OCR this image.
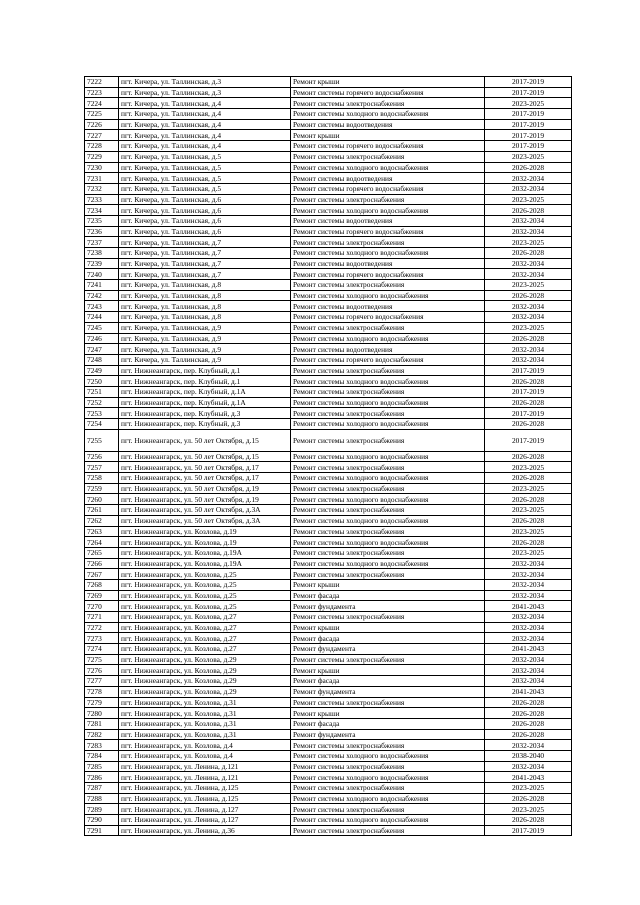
7222	пгт. Кичера, ул. Таллинская, д.3	Ремонт крыши	2017-2019
7223	пгт. Кичера, ул. Таллинская, д.3	Ремонт системы горячего водоснабжения	2017-2019
7224	пгт. Кичера, ул. Таллинская, д.4	Ремонт системы электроснабжения	2023-2025
7225	пгт. Кичера, ул. Таллинская, д.4	Ремонт системы холодного водоснабжения	2017-2019
7226	пгт. Кичера, ул. Таллинская, д.4	Ремонт системы водоотведения	2017-2019
7227	пгт. Кичера, ул. Таллинская, д.4	Ремонт крыши	2017-2019
7228	пгт. Кичера, ул. Таллинская, д.4	Ремонт системы горячего водоснабжения	2017-2019
7229	пгт. Кичера, ул. Таллинская, д.5	Ремонт системы электроснабжения	2023-2025
7230	пгт. Кичера, ул. Таллинская, д.5	Ремонт системы холодного водоснабжения	2026-2028
7231	пгт. Кичера, ул. Таллинская, д.5	Ремонт системы водоотведения	2032-2034
7232	пгт. Кичера, ул. Таллинская, д.5	Ремонт системы горячего водоснабжения	2032-2034
7233	пгт. Кичера, ул. Таллинская, д.6	Ремонт системы электроснабжения	2023-2025
7234	пгт. Кичера, ул. Таллинская, д.6	Ремонт системы холодного водоснабжения	2026-2028
7235	пгт. Кичера, ул. Таллинская, д.6	Ремонт системы водоотведения	2032-2034
7236	пгт. Кичера, ул. Таллинская, д.6	Ремонт системы горячего водоснабжения	2032-2034
7237	пгт. Кичера, ул. Таллинская, д.7	Ремонт системы электроснабжения	2023-2025
7238	пгт. Кичера, ул. Таллинская, д.7	Ремонт системы холодного водоснабжения	2026-2028
7239	пгт. Кичера, ул. Таллинская, д.7	Ремонт системы водоотведения	2032-2034
7240	пгт. Кичера, ул. Таллинская, д.7	Ремонт системы горячего водоснабжения	2032-2034
7241	пгт. Кичера, ул. Таллинская, д.8	Ремонт системы электроснабжения	2023-2025
7242	пгт. Кичера, ул. Таллинская, д.8	Ремонт системы холодного водоснабжения	2026-2028
7243	пгт. Кичера, ул. Таллинская, д.8	Ремонт системы водоотведения	2032-2034
7244	пгт. Кичера, ул. Таллинская, д.8	Ремонт системы горячего водоснабжения	2032-2034
7245	пгт. Кичера, ул. Таллинская, д.9	Ремонт системы электроснабжения	2023-2025
7246	пгт. Кичера, ул. Таллинская, д.9	Ремонт системы холодного водоснабжения	2026-2028
7247	пгт. Кичера, ул. Таллинская, д.9	Ремонт системы водоотведения	2032-2034
7248	пгт. Кичера, ул. Таллинская, д.9	Ремонт системы горячего водоснабжения	2032-2034
7249	пгт. Нижнеангарск, пер. Клубный, д.1	Ремонт системы электроснабжения	2017-2019
7250	пгт. Нижнеангарск, пер. Клубный, д.1	Ремонт системы холодного водоснабжения	2026-2028
7251	пгт. Нижнеангарск, пер. Клубный, д.1А	Ремонт системы электроснабжения	2017-2019
7252	пгт. Нижнеангарск, пер. Клубный, д.1А	Ремонт системы холодного водоснабжения	2026-2028
7253	пгт. Нижнеангарск, пер. Клубный, д.3	Ремонт системы электроснабжения	2017-2019
7254	пгт. Нижнеангарск, пер. Клубный, д.3	Ремонт системы холодного водоснабжения	2026-2028
7255	пгт. Нижнеангарск, ул. 50 лет Октября, д.15	Ремонт системы электроснабжения	2017-2019
7256	пгт. Нижнеангарск, ул. 50 лет Октября, д.15	Ремонт системы холодного водоснабжения	2026-2028
7257	пгт. Нижнеангарск, ул. 50 лет Октября, д.17	Ремонт системы электроснабжения	2023-2025
7258	пгт. Нижнеангарск, ул. 50 лет Октября, д.17	Ремонт системы холодного водоснабжения	2026-2028
7259	пгт. Нижнеангарск, ул. 50 лет Октября, д.19	Ремонт системы электроснабжения	2023-2025
7260	пгт. Нижнеангарск, ул. 50 лет Октября, д.19	Ремонт системы холодного водоснабжения	2026-2028
7261	пгт. Нижнеангарск, ул. 50 лет Октября, д.3А	Ремонт системы электроснабжения	2023-2025
7262	пгт. Нижнеангарск, ул. 50 лет Октября, д.3А	Ремонт системы холодного водоснабжения	2026-2028
7263	пгт. Нижнеангарск, ул. Козлова, д.19	Ремонт системы электроснабжения	2023-2025
7264	пгт. Нижнеангарск, ул. Козлова, д.19	Ремонт системы холодного водоснабжения	2026-2028
7265	пгт. Нижнеангарск, ул. Козлова, д.19А	Ремонт системы электроснабжения	2023-2025
7266	пгт. Нижнеангарск, ул. Козлова, д.19А	Ремонт системы холодного водоснабжения	2032-2034
7267	пгт. Нижнеангарск, ул. Козлова, д.25	Ремонт системы электроснабжения	2032-2034
7268	пгт. Нижнеангарск, ул. Козлова, д.25	Ремонт крыши	2032-2034
7269	пгт. Нижнеангарск, ул. Козлова, д.25	Ремонт фасада	2032-2034
7270	пгт. Нижнеангарск, ул. Козлова, д.25	Ремонт фундамента	2041-2043
7271	пгт. Нижнеангарск, ул. Козлова, д.27	Ремонт системы электроснабжения	2032-2034
7272	пгт. Нижнеангарск, ул. Козлова, д.27	Ремонт крыши	2032-2034
7273	пгт. Нижнеангарск, ул. Козлова, д.27	Ремонт фасада	2032-2034
7274	пгт. Нижнеангарск, ул. Козлова, д.27	Ремонт фундамента	2041-2043
7275	пгт. Нижнеангарск, ул. Козлова, д.29	Ремонт системы электроснабжения	2032-2034
7276	пгт. Нижнеангарск, ул. Козлова, д.29	Ремонт крыши	2032-2034
7277	пгт. Нижнеангарск, ул. Козлова, д.29	Ремонт фасада	2032-2034
7278	пгт. Нижнеангарск, ул. Козлова, д.29	Ремонт фундамента	2041-2043
7279	пгт. Нижнеангарск, ул. Козлова, д.31	Ремонт системы электроснабжения	2026-2028
7280	пгт. Нижнеангарск, ул. Козлова, д.31	Ремонт крыши	2026-2028
7281	пгт. Нижнеангарск, ул. Козлова, д.31	Ремонт фасада	2026-2028
7282	пгт. Нижнеангарск, ул. Козлова, д.31	Ремонт фундамента	2026-2028
7283	пгт. Нижнеангарск, ул. Козлова, д.4	Ремонт системы электроснабжения	2032-2034
7284	пгт. Нижнеангарск, ул. Козлова, д.4	Ремонт системы холодного водоснабжения	2038-2040
7285	пгт. Нижнеангарск, ул. Ленина, д.121	Ремонт системы электроснабжения	2032-2034
7286	пгт. Нижнеангарск, ул. Ленина, д.121	Ремонт системы холодного водоснабжения	2041-2043
7287	пгт. Нижнеангарск, ул. Ленина, д.125	Ремонт системы электроснабжения	2023-2025
7288	пгт. Нижнеангарск, ул. Ленина, д.125	Ремонт системы холодного водоснабжения	2026-2028
7289	пгт. Нижнеангарск, ул. Ленина, д.127	Ремонт системы электроснабжения	2023-2025
7290	пгт. Нижнеангарск, ул. Ленина, д.127	Ремонт системы холодного водоснабжения	2026-2028
7291	пгт. Нижнеангарск, ул. Ленина, д.36	Ремонт системы электроснабжения	2017-2019
